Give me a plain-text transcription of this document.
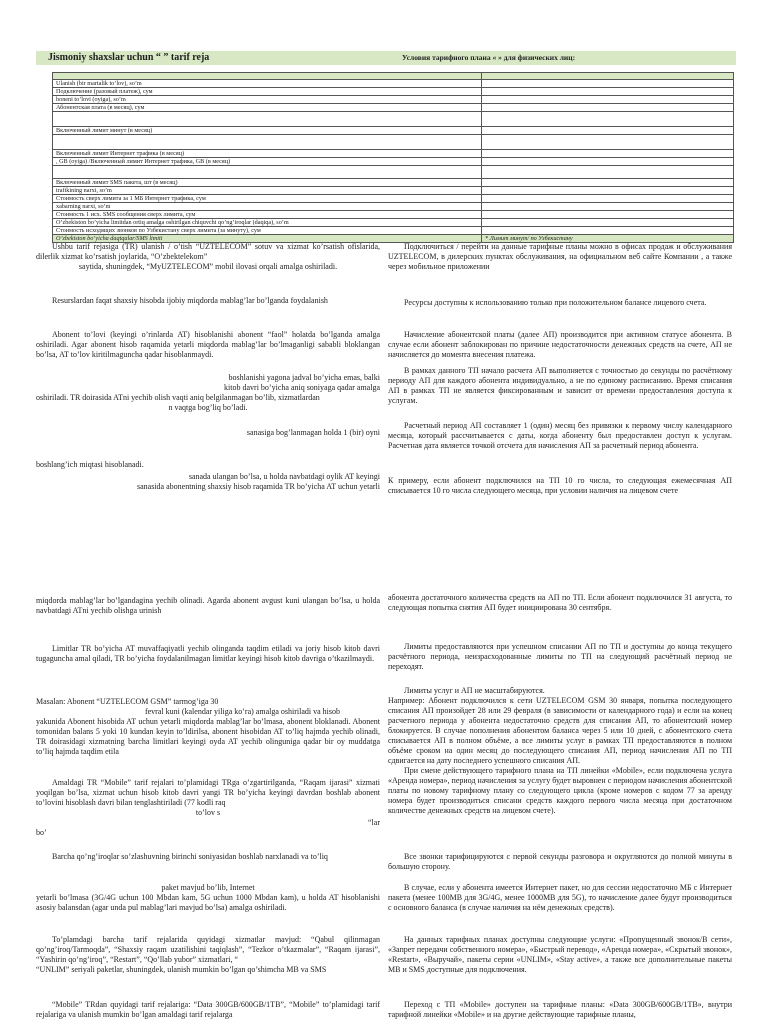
Jismoniy shaxslar uchun “ ” tarif reja	Условия тарифного плана « » для физических лиц:

Ulanish (bir martalik to’lov), so’m	
Подключение (разовый платеж), сум	
boneni to’lovi (oyiga), so’m	
Абонентская плата (в месяц), сум	

Включенный лимит минут (в месяц)	

Включенный лимит Интернет трафика (в месяц)	
, GB (oyiga) /Включенный лимит Интернет трафика, GB (в месяц)	

Включенный лимит SMS пакета, шт (в месяц)	
trafikining narxi, so’m	
Стоимость сверх лимита за 1 МБ Интернет трафика, сум	
xabarning narxi, so’m	
Стоимость 1 исх. SMS сообщения сверх лимита, сум	
O’zbekiston bo’yicha limitdan ortiq amalga oshirilgan chiquvchi qo’ng’iroqlar (daqiqa), so’m	
Стоимость исходящих звонков по Узбекистану сверх лимита (за минуту), сум	
O’zbekiston bo’yicha daqiqalar/SMS limiti	* Лимит минут/ по Узбекистану

Ushbu tarif rejasiga (TR) ulanish / o’tish “UZTELECOM” sotuv va xizmat ko’rsatish ofislarida, dilerlik xizmat ko’rsatish joylarida, “O’zbektelekom”

saytida, shuningdek, “MyUZTELECOM” mobil ilovasi orqali amalga oshiriladi.

Resurslardan faqat shaxsiy hisobda ijobiy miqdorda mablag’lar bo’lganda foydalanish

Abonent to’lovi (keyingi o’rinlarda AT) hisoblanishi abonent “faol” holatda bo’lganda amalga oshiriladi. Agar abonent hisob raqamida yetarli miqdorda mablag’lar bo’lmaganligi sababli bloklangan bo’lsa, AT to’lov kiritilmaguncha qadar hisoblanmaydi.

boshlanishi yagona jadval bo’yicha emas, balki

kitob davri bo’yicha aniq soniyaga qadar amalga

oshiriladi. TR doirasida ATni yechib olish vaqti aniq belgilanmagan bo’lib, xizmatlardan

n vaqtga bog’liq bo’ladi.

sanasiga bog’lanmagan holda 1 (bir) oyni

boshlang’ich miqtasi hisoblanadi.

sanada ulangan bo’lsa, u holda navbatdagi oylik AT keyingi

sanasida abonentning shaxsiy hisob raqamida TR bo’yicha AT uchun yetarli

miqdorda mablag’lar bo’lgandagina yechib olinadi. Agarda abonent avgust kuni ulangan bo’lsa, u holda navbatdagi ATni yechib olishga urinish

Limitlar TR bo’yicha AT muvaffaqiyatli yechib olinganda taqdim etiladi va joriy hisob kitob davri tugaguncha amal qiladi, TR bo’yicha foydalanilmagan limitlar keyingi hisob kitob davriga o’tkazilmaydi.

Masalan: Abonent “UZTELECOM GSM” tarmog’iga 30

fevral kuni (kalendar yiliga ko’ra) amalga oshiriladi va hisob

yakunida Abonent hisobida AT uchun yetarli miqdorda mablag’lar bo’lmasa, abonent bloklanadi. Abonent tomonidan balans 5 yoki 10 kundan keyin to’ldirilsa, abonent hisobidan AT to’liq hajmda yechib olinadi, TR doirasidagi xizmatning barcha limitlari keyingi oyda AT yechib olinguniga qadar bir oy muddatga to’liq hajmda taqdim etila

Amaldagi TR “Mobile” tarif rejalari to’plamidagi TRga o’zgartirilganda, “Raqam ijarasi” xizmati yoqilgan bo’lsa, xizmat uchun hisob kitob davri yangi TR bo’yicha keyingi davrdan boshlab abonent to’lovini hisoblash davri bilan tenglashtiriladi (77 kodli raq

to’lov s

“lar

bo’

Barcha qo’ng’iroqlar so’zlashuvning birinchi soniyasidan boshlab narxlanadi va to’liq

paket mavjud bo’lib, Internet

yetarli bo’lmasa (3G/4G uchun 100 Mbdan kam, 5G uchun 1000 Mbdan kam), u holda AT hisoblanishi asosiy balansdan (agar unda pul mablag’lari mavjud bo’lsa) amalga oshiriladi.

To’plamdagi barcha tarif rejalarida quyidagi xizmatlar mavjud: “Qabul qilinmagan qo’ng’iroq/Tarmoqda”, “Shaxsiy raqam uzatilishini taqiqlash”, “Tezkor o’tkazmalar”, “Raqam ijarasi”, “Yashirin qo’ng’iroq”, “Restart”, “Qo’llab yubor” xizmatlari, “

“UNLIM” seriyali paketlar, shuningdek, ulanish mumkin bo’lgan qo’shimcha MB va SMS

“Mobile” TRdan quyidagi tarif rejalariga: “Data 300GB/600GB/1TB”, “Mobile” to’plamidagi tarif rejalariga va ulanish mumkin bo’lgan amaldagi tarif rejalarga

Подключиться / перейти на данные тарифные планы можно в офисах продаж и обслуживания UZTELECOM, в дилерских пунктах обслуживания, на официальном веб сайте Компании , а также через мобильное приложении

Ресурсы доступны к использованию только при положительном балансе лицевого счета.

Начисление абонентской платы (далее АП) производится при активном статусе абонента. В случае если абонент заблокирован по причине недостаточности денежных средств на счете, АП не начисляется до момента внесения платежа.

В рамках данного ТП начало расчета АП выполняется с точностью до секунды по расчётному периоду АП для каждого абонента индивидуально, а не по единому расписанию. Время списания АП в рамках ТП не является фиксированным и зависит от времени предоставления доступа к услугам.

Расчетный период АП составляет 1 (один) месяц без привязки к первому числу календарного месяца, который рассчитывается с даты, когда абоненту был предоставлен доступ к услугам. Расчетная дата является точкой отсчета для начисления АП за расчетный период абонента.

К примеру, если абонент подключился на ТП 10 го числа, то следующая ежемесячная АП списывается 10 го числа следующего месяца, при условии наличия на лицевом счете

абонента достаточного количества средств на АП по ТП. Если абонент подключился 31 августа, то следующая попытка снятия АП будет инициирована 30 сентября.

Лимиты предоставляются при успешном списании АП по ТП и доступны до конца текущего расчётного периода, неизрасходованные лимиты по ТП на следующий расчётный период не переходят.

Лимиты услуг и АП не масштабируются.

Например: Абонент подключился к сети UZTELECOM GSM 30 января, попытка последующего списания АП произойдет 28 или 29 февраля (в зависимости от календарного года) и если на конец расчетного периода у абонента недостаточно средств для списания АП, то абонентский номер блокируется. В случае пополнения абонентом баланса через 5 или 10 дней, с абонентского счета списывается АП в полном объёме, а все лимиты услуг в рамках ТП предоставляются в полном объёме сроком на один месяц до последующего списания АП, период начисления АП по ТП сдвигается на дату последнего успешного списания АП.

При смене действующего тарифного плана на ТП линейки «Mobile», если подключена услуга «Аренда номера», период начисления за услугу будет выровнен с периодом начисления абонентской платы по новому тарифному плану со следующего цикла (кроме номеров с кодом 77 за аренду номера будет производиться списани средств каждого первого числа месяца при достаточном количестве денежных средств на лицевом счете).

Все звонки тарифицируются с первой секунды разговора и округляются до полной минуты в большую сторону.

В случае, если у абонента имеется Интернет пакет, но для сессии недостаточно МБ с Интернет пакета (менее 100MB для 3G/4G, менее 1000MB для 5G), то начисление далее будут производиться с основного баланса (в случае наличия на нём денежных средств).

На данных тарифных планах доступны следующие услуги: «Пропущенный звонок/В сети», «Запрет передачи собственного номера», «Быстрый перевод», «Аренда номера», «Скрытый звонок», «Restart», «Выручай», пакеты серии «UNLIM», «Stay active», а также все дополнительные пакеты МВ и SMS доступные для подключения.

Переход с ТП «Mobile» доступен на тарифные планы: «Data 300GB/600GB/1TB», внутри тарифной линейки «Mobile» и на другие действующие тарифные планы,
